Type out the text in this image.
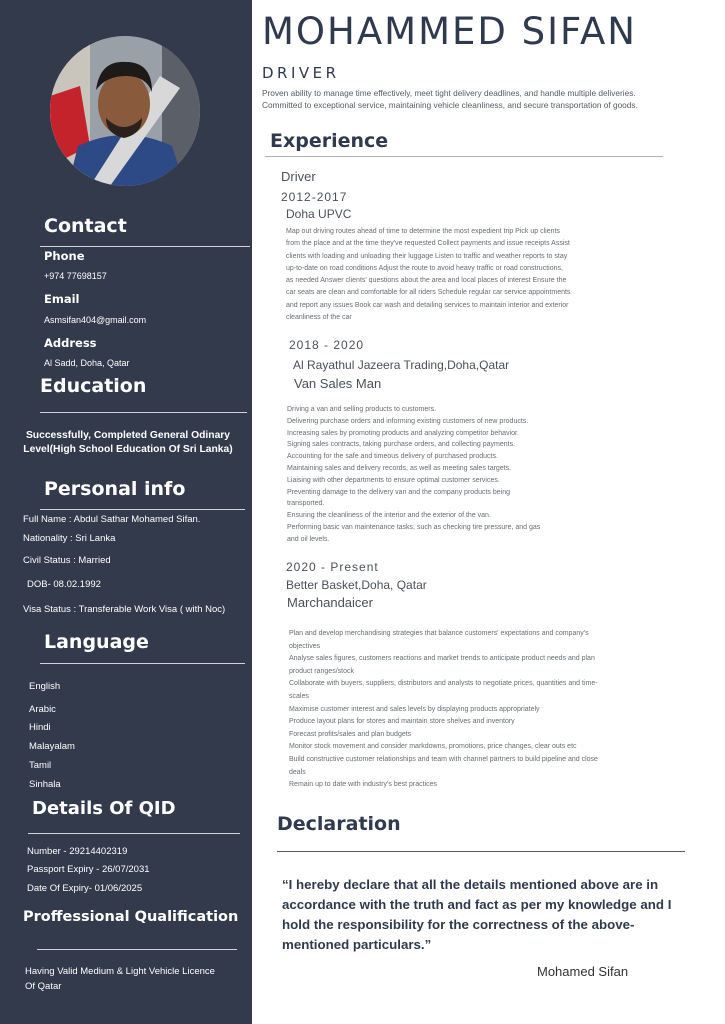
Contact
Phone
+974 77698157
Email
Asmsifan404@gmail.com
Address
Al Sadd, Doha, Qatar
Education
Successfully, Completed General Odinary Level(High School Education Of Sri Lanka)
Personal info
Full Name : Abdul Sathar Mohamed Sifan.
Nationality : Sri Lanka
Civil Status : Married
DOB- 08.02.1992
Visa Status : Transferable Work Visa ( with Noc)
Language
English
Arabic
Hindi
Malayalam
Tamil
Sinhala
Details Of QID
Number - 29214402319
Passport Expiry - 26/07/2031
Date Of Expiry- 01/06/2025
Proffessional Qualification
Having Valid Medium & Light Vehicle Licence Of Qatar
MOHAMMED SIFAN
DRIVER
Proven ability to manage time effectively, meet tight delivery deadlines, and handle multiple deliveries. Committed to exceptional service, maintaining vehicle cleanliness, and secure transportation of goods.
Experience
Driver
2012-2017
Doha UPVC
Map out driving routes ahead of time to determine the most expedient trip Pick up clients
from the place and at the time they've requested Collect payments and issue receipts Assist
clients with loading and unloading their luggage Listen to traffic and weather reports to stay
up-to-date on road conditions Adjust the route to avoid heavy traffic or road constructions,
as needed Answer clients' questions about the area and local places of interest Ensure the
car seats are clean and comfortable for all riders Schedule regular car service appointments
and report any issues Book car wash and detailing services to maintain interior and exterior
cleanliness of the car
2018 - 2020
Al Rayathul Jazeera Trading,Doha,Qatar
Van Sales Man
Driving a van and selling products to customers.
Delivering purchase orders and informing existing customers of new products.
Increasing sales by promoting products and analyzing competitor behavior.
Signing sales contracts, taking purchase orders, and collecting payments.
Accounting for the safe and timeous delivery of purchased products.
Maintaining sales and delivery records, as well as meeting sales targets.
Liaising with other departments to ensure optimal customer services.
Preventing damage to the delivery van and the company products being
transported.
Ensuring the cleanliness of the interior and the exterior of the van.
Performing basic van maintenance tasks, such as checking tire pressure, and gas
and oil levels.
2020 - Present
Better Basket,Doha, Qatar
Marchandaicer
Plan and develop merchandising strategies that balance customers' expectations and company's
objectives
Analyse sales figures, customers reactions and market trends to anticipate product needs and plan
product ranges/stock
Collaborate with buyers, suppliers, distributors and analysts to negotiate prices, quantities and time-
scales
Maximise customer interest and sales levels by displaying products appropriately
Produce layout plans for stores and maintain store shelves and inventory
Forecast profits/sales and plan budgets
Monitor stock movement and consider markdowns, promotions, price changes, clear outs etc
Build constructive customer relationships and team with channel partners to build pipeline and close
deals
Remain up to date with industry's best practices
Declaration
“I hereby declare that all the details mentioned above are in accordance with the truth and fact as per my knowledge and I hold the responsibility for the correctness of the above-mentioned particulars.”
Mohamed Sifan
